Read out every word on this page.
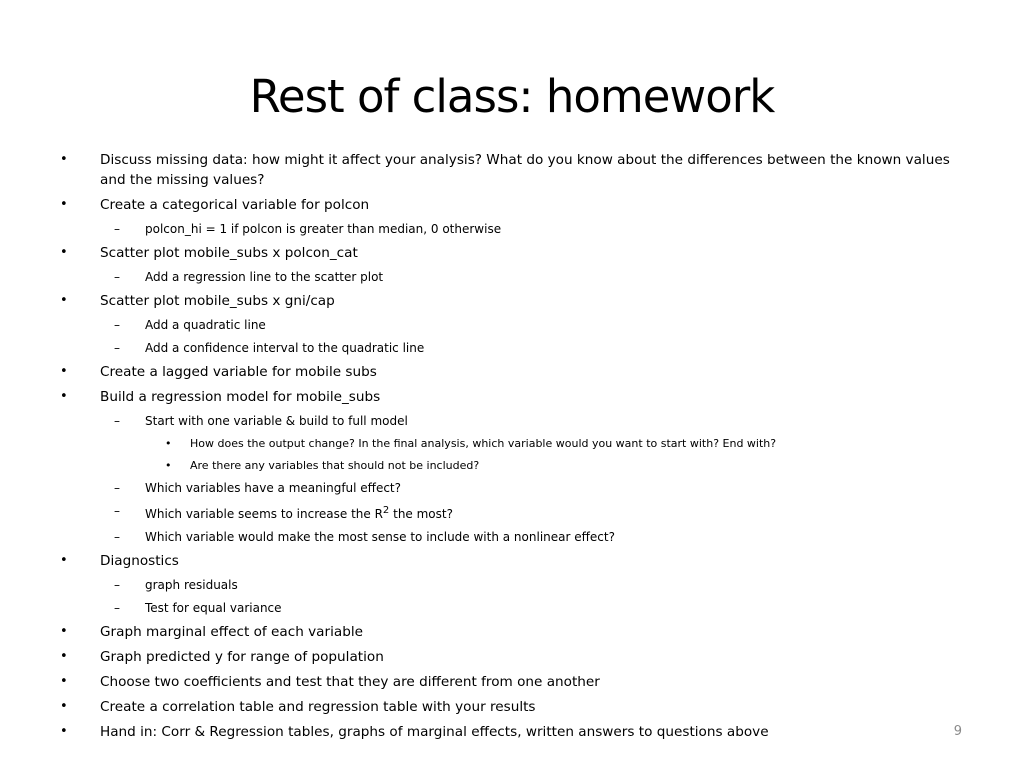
Rest of class: homework
• Discuss missing data: how might it affect your analysis? What do you know about the differences between the known values and the missing values?
• Create a categorical variable for polcon
– polcon_hi = 1 if polcon is greater than median, 0 otherwise
• Scatter plot mobile_subs x polcon_cat
– Add a regression line to the scatter plot
• Scatter plot mobile_subs x gni/cap
– Add a quadratic line
– Add a confidence interval to the quadratic line
• Create a lagged variable for mobile subs
• Build a regression model for mobile_subs
– Start with one variable & build to full model
• How does the output change? In the final analysis, which variable would you want to start with? End with?
• Are there any variables that should not be included?
– Which variables have a meaningful effect?
– Which variable seems to increase the $R^2$ the most?
– Which variable would make the most sense to include with a nonlinear effect?
• Diagnostics
– graph residuals
– Test for equal variance
• Graph marginal effect of each variable
• Graph predicted y for range of population
• Choose two coefficients and test that they are different from one another
• Create a correlation table and regression table with your results
• Hand in: Corr & Regression tables, graphs of marginal effects, written answers to questions above	9
